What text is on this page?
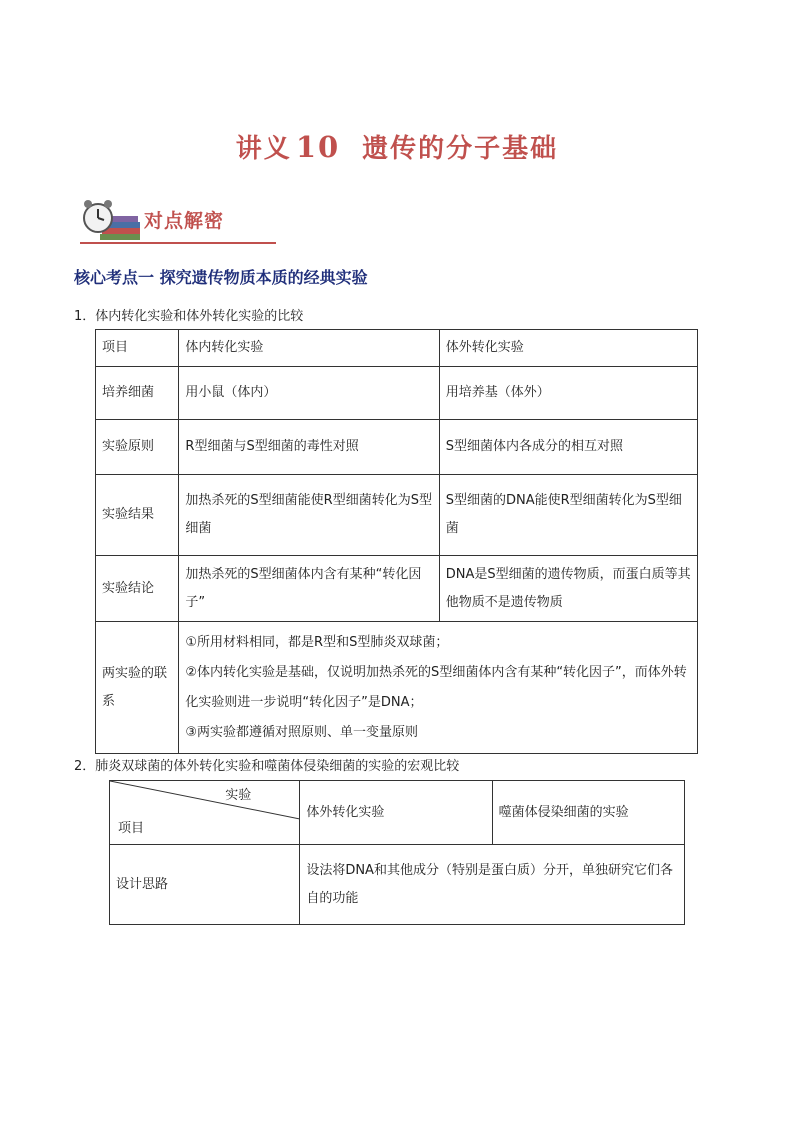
讲义 10 遗传的分子基础
对点解密
核心考点一 探究遗传物质本质的经典实验
1．体内转化实验和体外转化实验的比较
项目	体内转化实验	体外转化实验
培养细菌	用小鼠（体内）	用培养基（体外）
实验原则	R型细菌与S型细菌的毒性对照	S型细菌体内各成分的相互对照
实验结果	加热杀死的S型细菌能使R型细菌转化为S型细菌	S型细菌的DNA能使R型细菌转化为S型细菌
实验结论	加热杀死的S型细菌体内含有某种“转化因子”	DNA是S型细菌的遗传物质，而蛋白质等其他物质不是遗传物质
两实验的联系	①所用材料相同，都是R型和S型肺炎双球菌；
②体内转化实验是基础，仅说明加热杀死的S型细菌体内含有某种“转化因子”，而体外转化实验则进一步说明“转化因子”是DNA；
③两实验都遵循对照原则、单一变量原则	
2．肺炎双球菌的体外转化实验和噬菌体侵染细菌的实验的宏观比较
实验
项目	体外转化实验	噬菌体侵染细菌的实验
设计思路	设法将DNA和其他成分（特别是蛋白质）分开，单独研究它们各自的功能	
